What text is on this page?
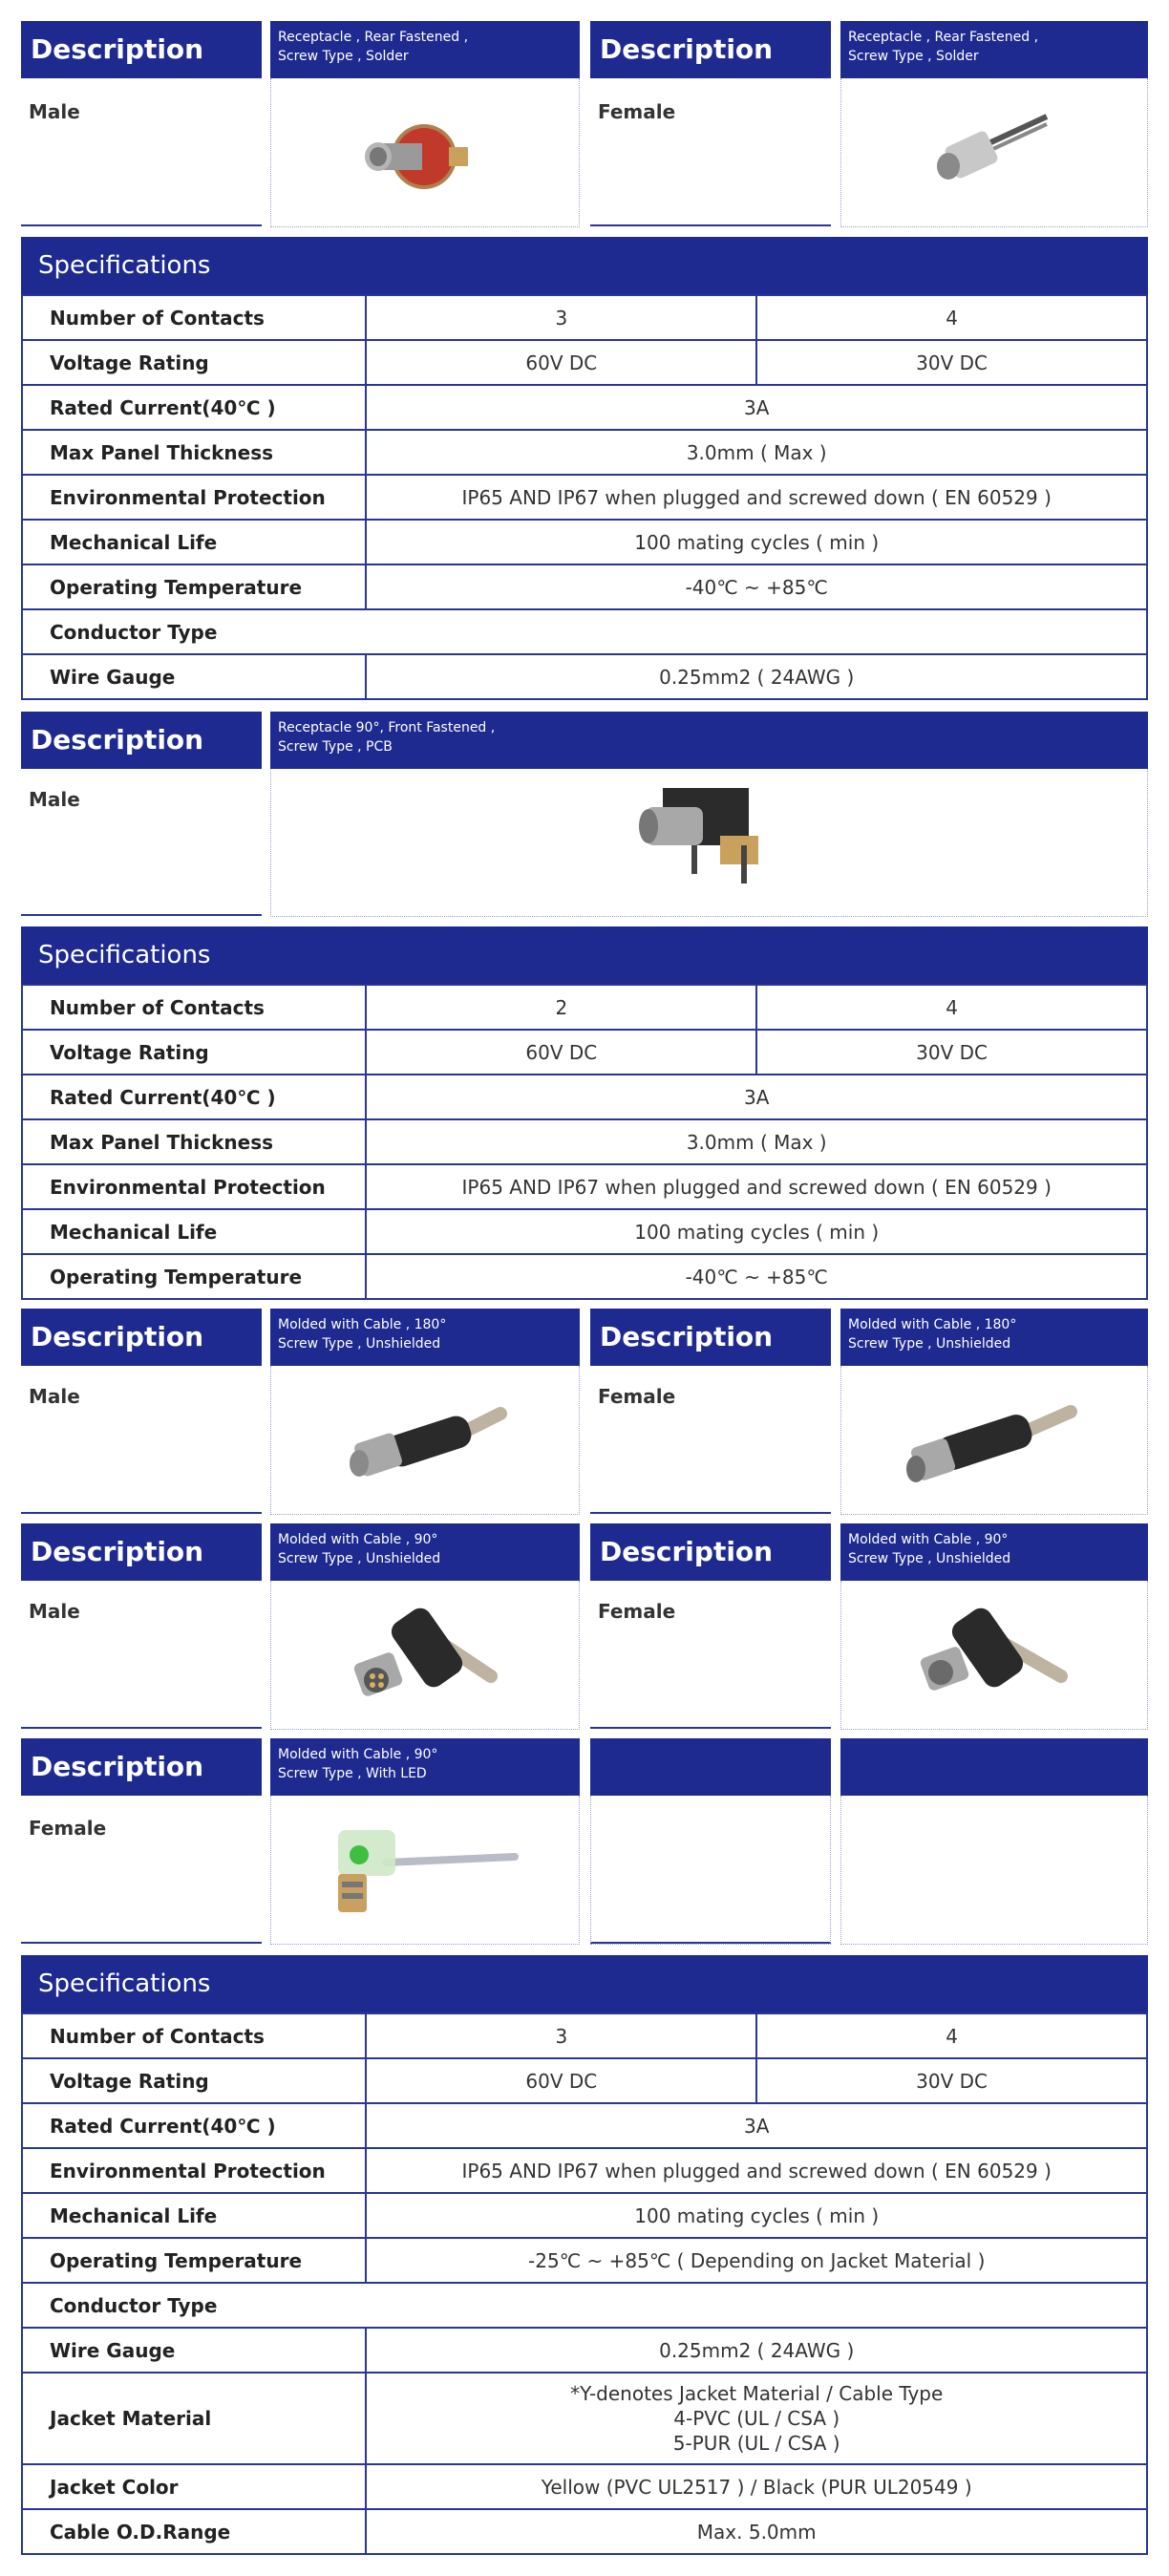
Description	Receptacle , Rear Fastened ,
Screw Type , Solder
Male
Description	Receptacle , Rear Fastened ,
Screw Type , Solder
Female
Specifications
Number of Contacts	3	4
Voltage Rating	60V DC	30V DC
Rated Current(40℃ )	3A	
Max Panel Thickness	3.0mm ( Max )	
Environmental Protection	IP65 AND IP67 when plugged and screwed down ( EN 60529 )	
Mechanical Life	100 mating cycles ( min )	
Operating Temperature	-40℃ ~ +85℃	
Conductor Type		
Wire Gauge	0.25mm2 ( 24AWG )	
Description	Receptacle 90°, Front Fastened ,
Screw Type , PCB
Male
Specifications
Number of Contacts	2	4
Voltage Rating	60V DC	30V DC
Rated Current(40℃ )	3A	
Max Panel Thickness	3.0mm ( Max )	
Environmental Protection	IP65 AND IP67 when plugged and screwed down ( EN 60529 )	
Mechanical Life	100 mating cycles ( min )	
Operating Temperature	-40℃ ~ +85℃	
Description	Molded with Cable , 180°
Screw Type , Unshielded
Male
Description	Molded with Cable , 180°
Screw Type , Unshielded
Female
Description	Molded with Cable , 90°
Screw Type , Unshielded
Male
Description	Molded with Cable , 90°
Screw Type , Unshielded
Female
Description	Molded with Cable , 90°
Screw Type , With LED
Female
Specifications
Number of Contacts	3	4
Voltage Rating	60V DC	30V DC
Rated Current(40℃ )	3A	
Environmental Protection	IP65 AND IP67 when plugged and screwed down ( EN 60529 )	
Mechanical Life	100 mating cycles ( min )	
Operating Temperature	-25℃ ~ +85℃ ( Depending on Jacket Material )	
Conductor Type		
Wire Gauge	0.25mm2 ( 24AWG )	
Jacket Material	*Y-denotes Jacket Material / Cable Type
4-PVC (UL / CSA )
5-PUR (UL / CSA )	
Jacket Color	Yellow (PVC UL2517 ) / Black (PUR UL20549 )	
Cable O.D.Range	Max. 5.0mm	
